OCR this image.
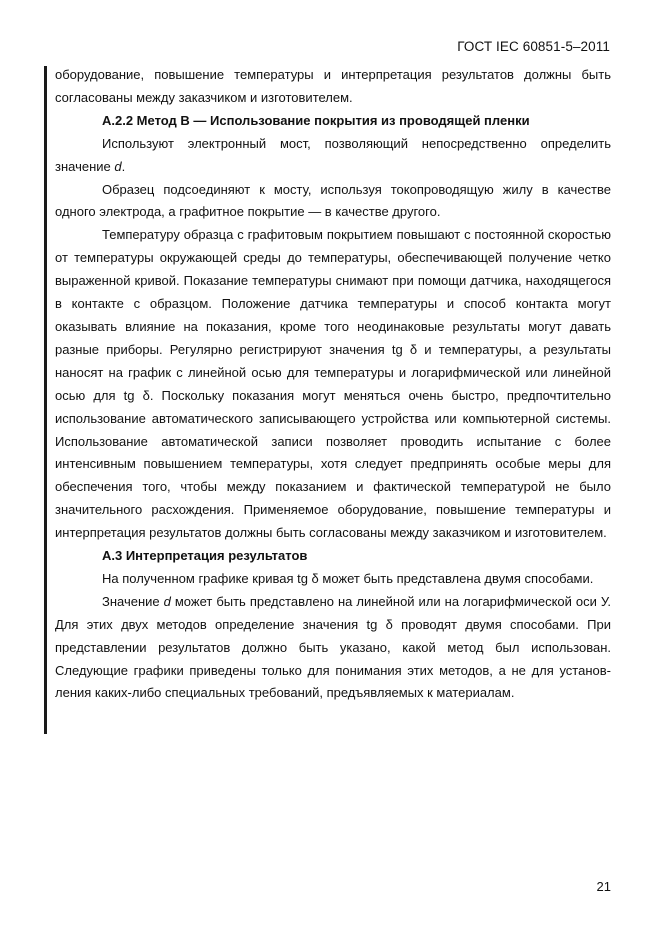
ГОСТ IEC 60851-5–2011

оборудование, повышение температуры и интерпретация результатов должны быть согласованы между заказчиком и изготовителем.

А.2.2 Метод В — Использование покрытия из проводящей пленки

Используют электронный мост, позволяющий непосредственно определить значение d.

Образец подсоединяют к мосту, используя токопроводящую жилу в качестве одного электрода, а графитное покрытие — в качестве другого.

Температуру образца с графитовым покрытием повышают с постоянной скоростью от температуры окружающей среды до температуры, обеспечивающей получение четко выраженной кривой. Показание температуры снимают при помощи датчика, находящегося в контакте с образцом. Положение датчика температуры и способ контакта могут оказывать влияние на показания, кроме того неодинаковые результаты могут давать разные приборы. Регулярно регистрируют значения tg δ и температуры, а результаты наносят на график с линейной осью для температуры и логарифмической или линейной осью для tg δ. Поскольку показания могут меняться очень быстро, предпочтительно использование автоматического записывающего устройства или компьютерной системы. Использование автоматической записи позволяет проводить испытание с более интенсивным повышением температуры, хотя следует предпринять особые меры для обеспечения того, чтобы между показанием и фактической температурой не было значительного расхождения. Применяемое оборудование, повышение температуры и интерпретация результатов должны быть согласованы между заказчиком и изготовителем.

А.3 Интерпретация результатов

На полученном графике кривая tg δ может быть представлена двумя способами.

Значение d может быть представлено на линейной или на логарифмической оси У. Для этих двух методов определение значения tg δ проводят двумя способами. При представлении результатов должно быть указано, какой метод был использован. Следующие графики приведены только для понимания этих методов, а не для установления каких-либо специальных требований, предъявляемых к материалам.

21
